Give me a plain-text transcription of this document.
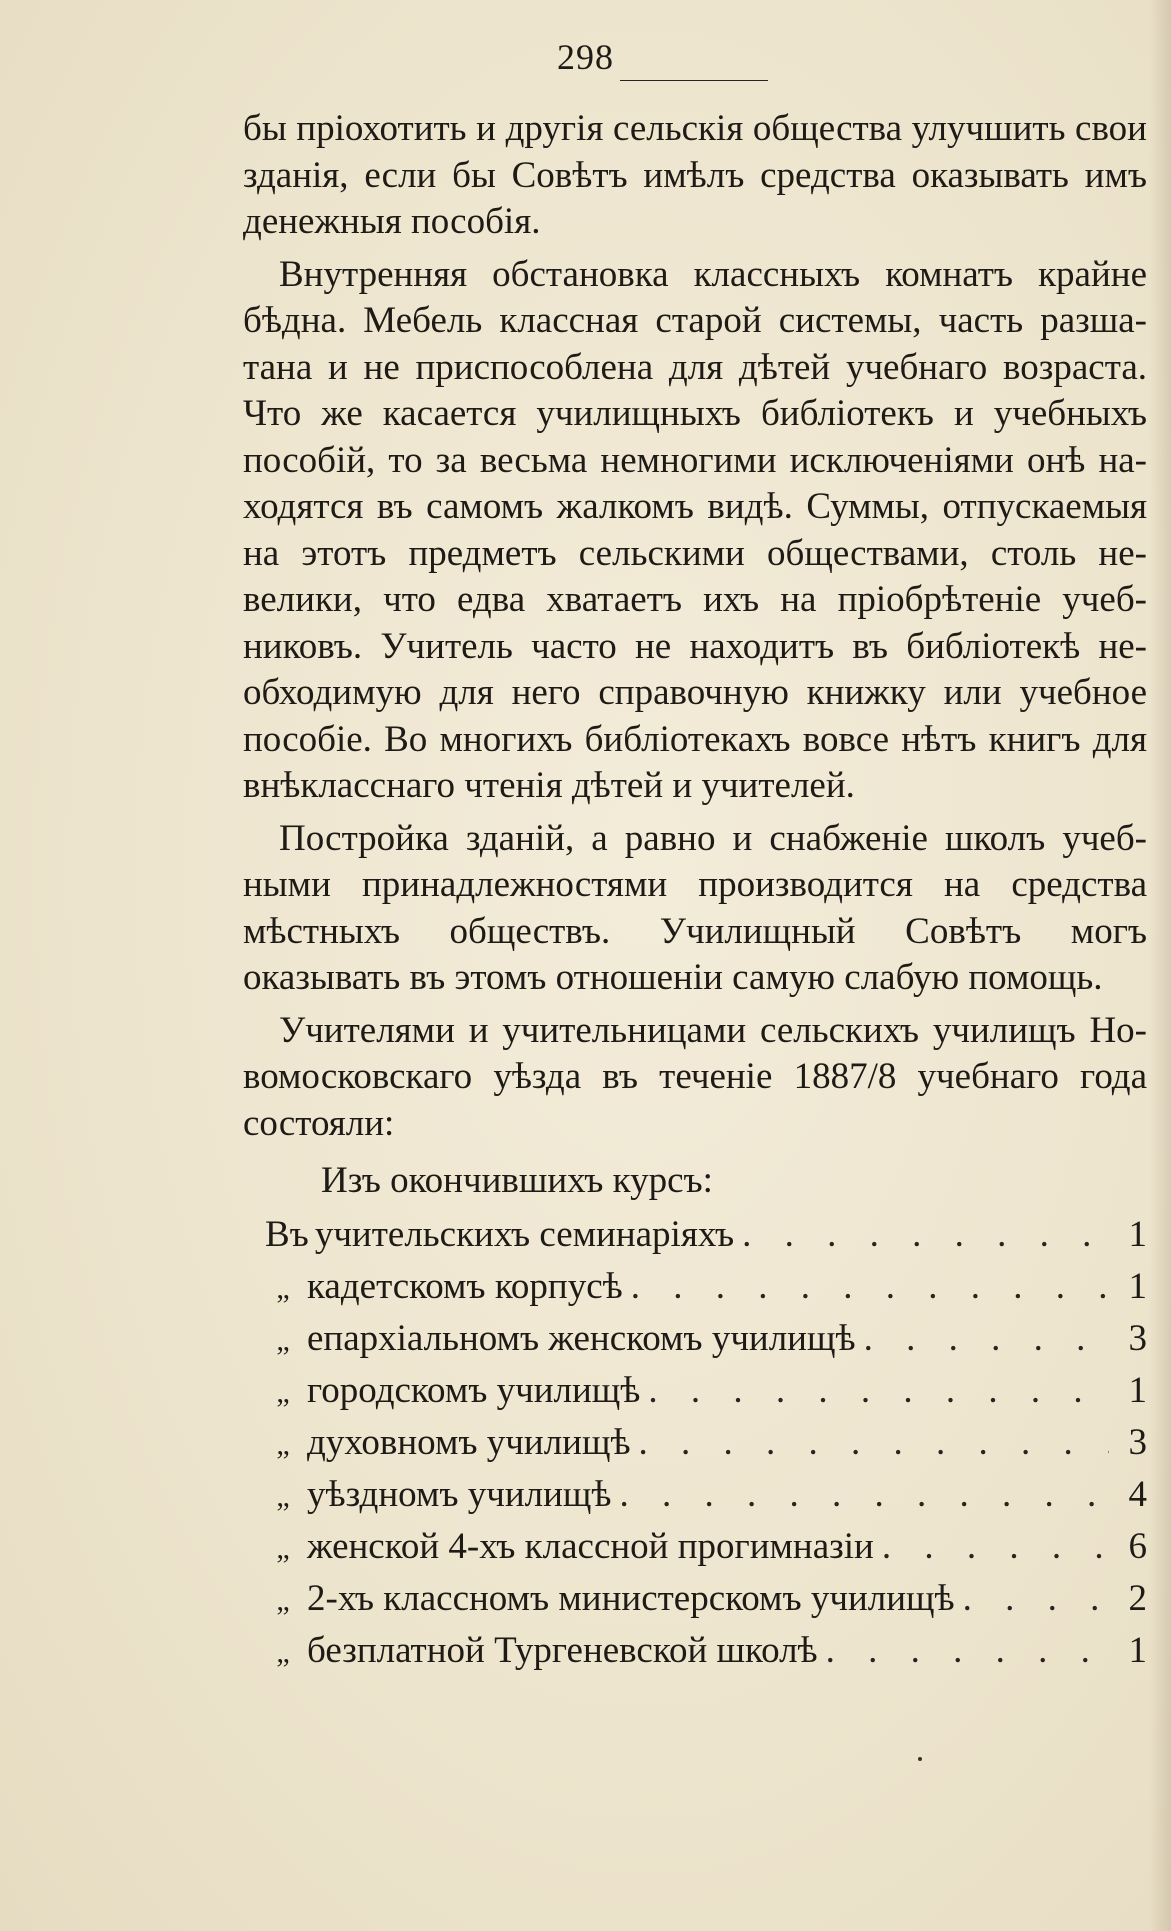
298

бы пріохотить и другія сельскія общества улучшить свои зданія, если бы Совѣтъ имѣлъ средства оказывать имъ денежныя пособія.

Внутренняя обстановка классныхъ комнатъ крайне бѣдна. Мебель классная старой системы, часть разшатана и не приспособлена для дѣтей учебнаго возраста. Что же касается училищныхъ библіотекъ и учебныхъ пособій, то за весьма немногими исключеніями онѣ находятся въ самомъ жалкомъ видѣ. Суммы, отпускаемыя на этотъ предметъ сельскими обществами, столь невелики, что едва хватаетъ ихъ на пріобрѣтеніе учебниковъ. Учитель часто не находитъ въ библіотекѣ необходимую для него справочную книжку или учебное пособіе. Во многихъ библіотекахъ вовсе нѣтъ книгъ для внѣкласснаго чтенія дѣтей и учителей.

Постройка зданій, а равно и снабженіе школъ учебными принадлежностями производится на средства мѣстныхъ обществъ. Училищный Совѣтъ могъ оказывать въ этомъ отношеніи самую слабую помощь.

Учителями и учительницами сельскихъ училищъ Новомосковскаго уѣзда въ теченіе 1887/8 учебнаго года состояли:

Изъ окончившихъ курсъ:
Въ учительскихъ семинаріяхъ . . .	1
„ кадетскомъ корпусѣ . . .	1
„ епархіальномъ женскомъ училищѣ . . .	3
„ городскомъ училищѣ . . .	1
„ духовномъ училищѣ . . .	3
„ уѣздномъ училищѣ . . .	4
„ женской 4-хъ классной прогимназіи . . .	6
„ 2-хъ классномъ министерскомъ училищѣ . . .	2
„ безплатной Тургеневской школѣ . . .	1
